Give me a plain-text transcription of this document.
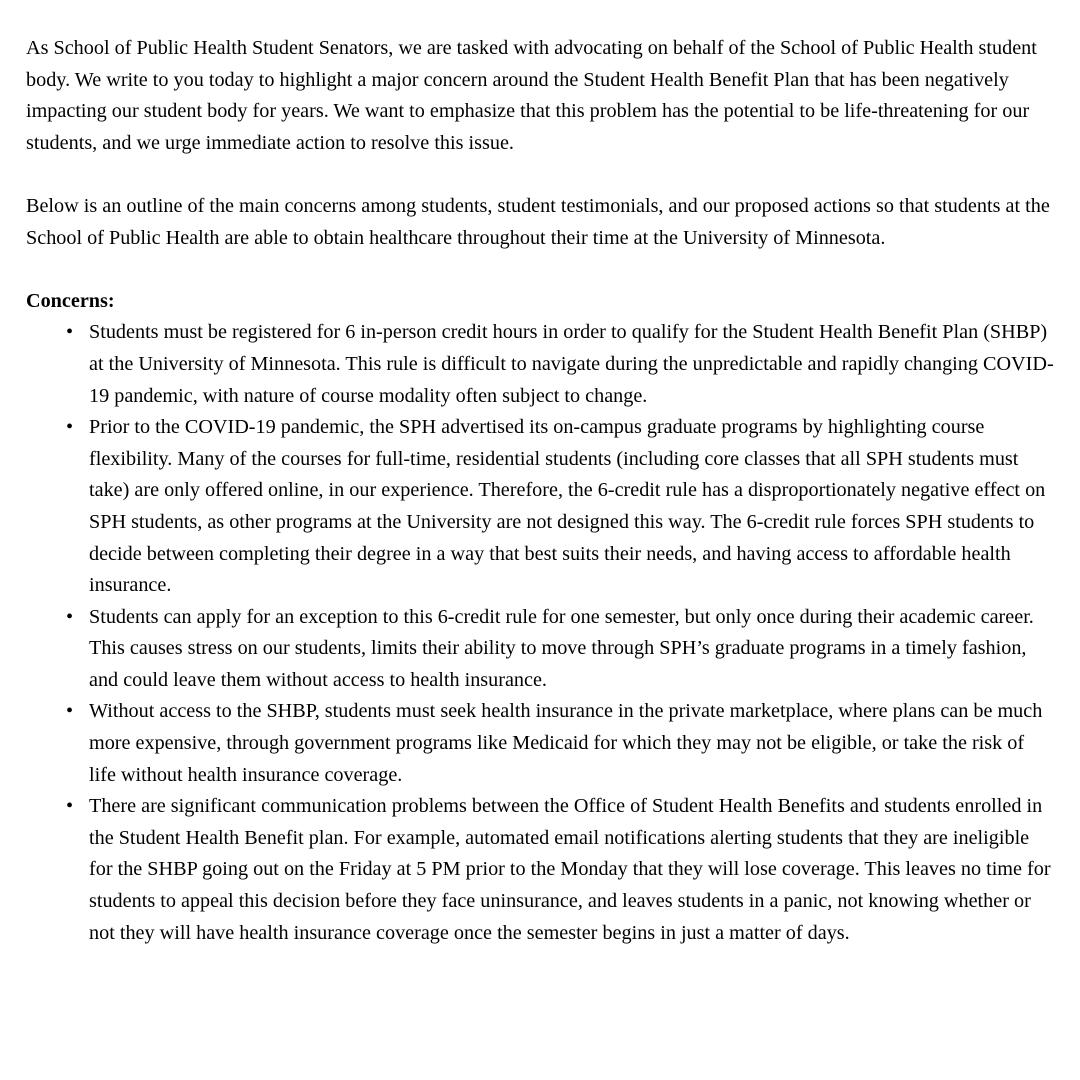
As School of Public Health Student Senators, we are tasked with advocating on behalf of the School of Public Health student body. We write to you today to highlight a major concern around the Student Health Benefit Plan that has been negatively impacting our student body for years. We want to emphasize that this problem has the potential to be life-threatening for our students, and we urge immediate action to resolve this issue.

Below is an outline of the main concerns among students, student testimonials, and our proposed actions so that students at the School of Public Health are able to obtain healthcare throughout their time at the University of Minnesota.

Concerns:
• Students must be registered for 6 in-person credit hours in order to qualify for the Student Health Benefit Plan (SHBP) at the University of Minnesota. This rule is difficult to navigate during the unpredictable and rapidly changing COVID-19 pandemic, with nature of course modality often subject to change.
• Prior to the COVID-19 pandemic, the SPH advertised its on-campus graduate programs by highlighting course flexibility. Many of the courses for full-time, residential students (including core classes that all SPH students must take) are only offered online, in our experience. Therefore, the 6-credit rule has a disproportionately negative effect on SPH students, as other programs at the University are not designed this way. The 6-credit rule forces SPH students to decide between completing their degree in a way that best suits their needs, and having access to affordable health insurance.
• Students can apply for an exception to this 6-credit rule for one semester, but only once during their academic career. This causes stress on our students, limits their ability to move through SPH’s graduate programs in a timely fashion, and could leave them without access to health insurance.
• Without access to the SHBP, students must seek health insurance in the private marketplace, where plans can be much more expensive, through government programs like Medicaid for which they may not be eligible, or take the risk of life without health insurance coverage.
• There are significant communication problems between the Office of Student Health Benefits and students enrolled in the Student Health Benefit plan. For example, automated email notifications alerting students that they are ineligible for the SHBP going out on the Friday at 5 PM prior to the Monday that they will lose coverage. This leaves no time for students to appeal this decision before they face uninsurance, and leaves students in a panic, not knowing whether or not they will have health insurance coverage once the semester begins in just a matter of days.
